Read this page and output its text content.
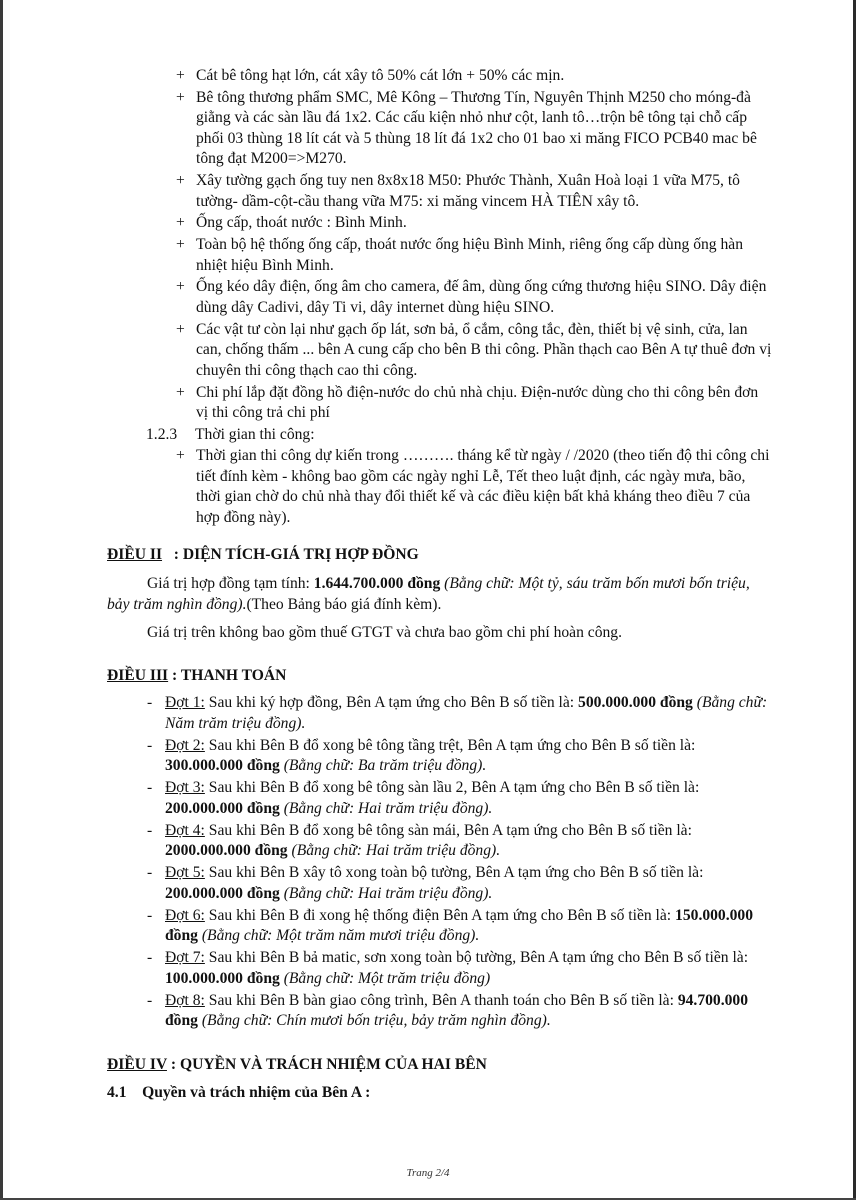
+ Cát bê tông hạt lớn, cát xây tô 50% cát lớn + 50% các mịn.
+ Bê tông thương phẩm SMC, Mê Kông – Thương Tín, Nguyên Thịnh M250 cho móng-đà giằng và các sàn lầu đá 1x2. Các cấu kiện nhỏ như cột, lanh tô…trộn bê tông tại chỗ cấp phối 03 thùng 18 lít cát và 5 thùng 18 lít đá 1x2 cho 01 bao xi măng FICO PCB40 mac bê tông đạt M200=>M270.
+ Xây tường gạch ống tuy nen 8x8x18 M50: Phước Thành, Xuân Hoà loại 1 vữa M75, tô tường- dầm-cột-cầu thang vữa M75: xi măng vincem HÀ TIÊN xây tô.
+ Ống cấp, thoát nước : Bình Minh.
+ Toàn bộ hệ thống ống cấp, thoát nước ống hiệu Bình Minh, riêng ống cấp dùng ống hàn nhiệt hiệu Bình Minh.
+ Ống kéo dây điện, ống âm cho camera, đế âm, dùng ống cứng thương hiệu SINO. Dây điện dùng dây Cadivi, dây Ti vi, dây internet dùng hiệu SINO.
+ Các vật tư còn lại như gạch ốp lát, sơn bả, ổ cắm, công tắc, đèn, thiết bị vệ sinh, cửa, lan can, chống thấm ... bên A cung cấp cho bên B thi công. Phần thạch cao Bên A tự thuê đơn vị chuyên thi công thạch cao thi công.
+ Chi phí lắp đặt đồng hồ điện-nước do chủ nhà chịu. Điện-nước dùng cho thi công bên đơn vị thi công trả chi phí
1.2.3 Thời gian thi công:
+ Thời gian thi công dự kiến trong ………. tháng kể từ ngày / /2020 (theo tiến độ thi công chi tiết đính kèm - không bao gồm các ngày nghỉ Lễ, Tết theo luật định, các ngày mưa, bão, thời gian chờ do chủ nhà thay đổi thiết kế và các điều kiện bất khả kháng theo điều 7 của hợp đồng này).
ĐIỀU II   : DIỆN TÍCH-GIÁ TRỊ HỢP ĐỒNG
Giá trị hợp đồng tạm tính: 1.644.700.000 đồng (Bằng chữ: Một tỷ, sáu trăm bốn mươi bốn triệu, bảy trăm nghìn đồng).(Theo Bảng báo giá đính kèm).
Giá trị trên không bao gồm thuế GTGT và chưa bao gồm chi phí hoàn công.
ĐIỀU III : THANH TOÁN
- Đợt 1: Sau khi ký hợp đồng, Bên A tạm ứng cho Bên B số tiền là: 500.000.000 đồng (Bằng chữ: Năm trăm triệu đồng).
- Đợt 2: Sau khi Bên B đổ xong bê tông tầng trệt, Bên A tạm ứng cho Bên B số tiền là: 300.000.000 đồng (Bằng chữ: Ba trăm triệu đồng).
- Đợt 3: Sau khi Bên B đổ xong bê tông sàn lầu 2, Bên A tạm ứng cho Bên B số tiền là: 200.000.000 đồng (Bằng chữ: Hai trăm triệu đồng).
- Đợt 4: Sau khi Bên B đổ xong bê tông sàn mái, Bên A tạm ứng cho Bên B số tiền là: 2000.000.000 đồng (Bằng chữ: Hai trăm triệu đồng).
- Đợt 5: Sau khi Bên B xây tô xong toàn bộ tường, Bên A tạm ứng cho Bên B số tiền là: 200.000.000 đồng (Bằng chữ: Hai trăm triệu đồng).
- Đợt 6: Sau khi Bên B đi xong hệ thống điện Bên A tạm ứng cho Bên B số tiền là: 150.000.000 đồng (Bằng chữ: Một trăm năm mươi triệu đồng).
- Đợt 7: Sau khi Bên B bả matic, sơn xong toàn bộ tường, Bên A tạm ứng cho Bên B số tiền là: 100.000.000 đồng (Bằng chữ: Một trăm triệu đồng)
- Đợt 8: Sau khi Bên B bàn giao công trình, Bên A thanh toán cho Bên B số tiền là: 94.700.000 đồng (Bằng chữ: Chín mươi bốn triệu, bảy trăm nghìn đồng).
ĐIỀU IV : QUYỀN VÀ TRÁCH NHIỆM CỦA HAI BÊN
4.1    Quyền và trách nhiệm của Bên A :
Trang 2/4
